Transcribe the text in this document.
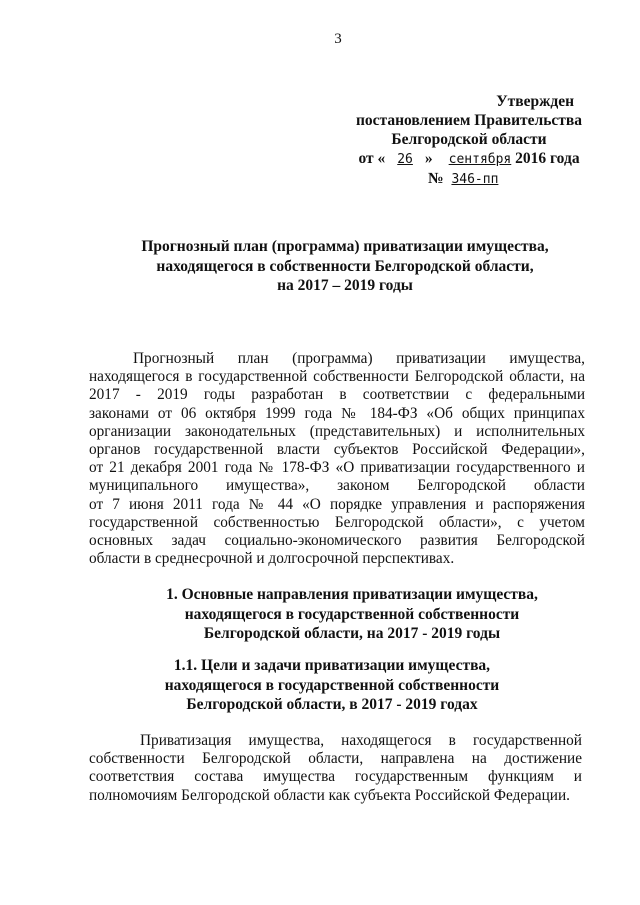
3
Утвержден
постановлением Правительства
Белгородской области
от « 26 » сентября 2016 года
№ 346-пп
Прогнозный план (программа) приватизации имущества,
находящегося в собственности Белгородской области,
на 2017 – 2019 годы
Прогнозный план (программа) приватизации имущества,
находящегося в государственной собственности Белгородской области, на
2017 - 2019 годы разработан в соответствии с федеральными
законами от 06 октября 1999 года № 184-ФЗ «Об общих принципах
организации законодательных (представительных) и исполнительных
органов государственной власти субъектов Российской Федерации»,
от 21 декабря 2001 года № 178-ФЗ «О приватизации государственного и
муниципального имущества», законом Белгородской области
от 7 июня 2011 года № 44 «О порядке управления и распоряжения
государственной собственностью Белгородской области», с учетом
основных задач социально-экономического развития Белгородской
области в среднесрочной и долгосрочной перспективах.
1. Основные направления приватизации имущества,
находящегося в государственной собственности
Белгородской области, на 2017 - 2019 годы
1.1. Цели и задачи приватизации имущества,
находящегося в государственной собственности
Белгородской области, в 2017 - 2019 годах
Приватизация имущества, находящегося в государственной
собственности Белгородской области, направлена на достижение
соответствия состава имущества государственным функциям и
полномочиям Белгородской области как субъекта Российской Федерации.
